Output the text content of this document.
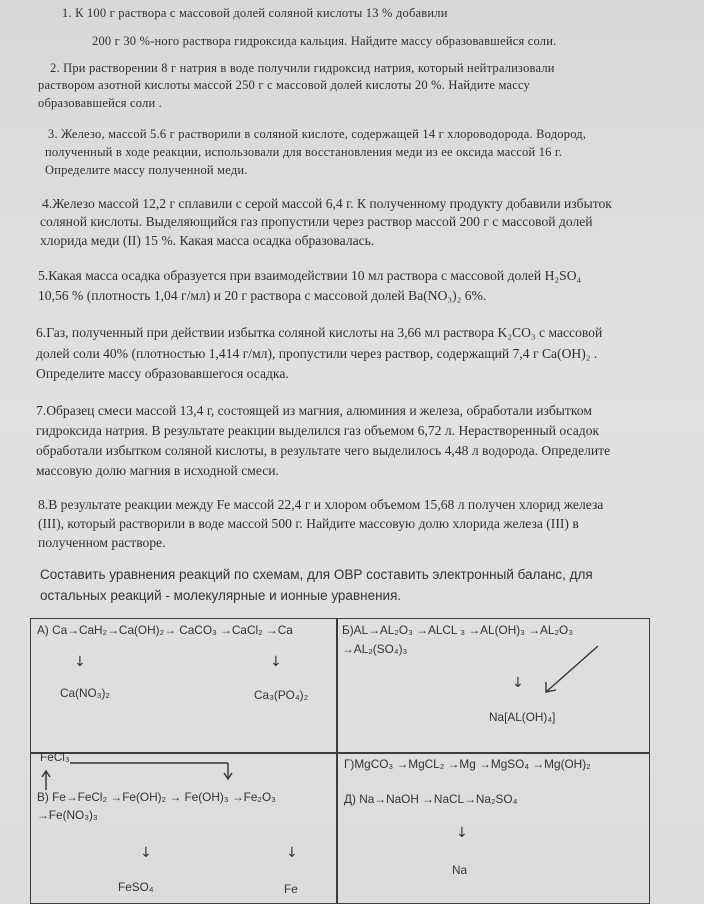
1. К 100 г раствора с массовой долей соляной кислоты 13 % добавили
200 г 30 %-ного раствора гидроксида кальция. Найдите массу образовавшейся соли.
2. При растворении 8 г натрия в воде получили гидроксид натрия, который нейтрализовали
раствором азотной кислоты массой 250 г с массовой долей кислоты 20 %. Найдите массу
образовавшейся соли .
3. Железо, массой 5.6 г растворили в соляной кислоте, содержащей 14 г хлороводорода. Водород,
полученный в ходе реакции, использовали для восстановления меди из ее оксида массой 16 г.
Определите массу полученной меди.
4.Железо массой 12,2 г сплавили с серой массой 6,4 г. К полученному продукту добавили избыток
соляной кислоты. Выделяющийся газ пропустили через раствор массой 200 г с массовой долей
хлорида меди (II) 15 %. Какая масса осадка образовалась.
5.Какая масса осадка образуется при взаимодействии 10 мл раствора с массовой долей H₂SO₄
10,56 % (плотность 1,04 г/мл) и 20 г раствора с массовой долей Ba(NO₃)₂ 6%.
6.Газ, полученный при действии избытка соляной кислоты на 3,66 мл раствора K₂CO₃ с массовой
долей соли 40% (плотностью 1,414 г/мл), пропустили через раствор, содержащий 7,4 г Ca(OH)₂ .
Определите массу образовавшегося осадка.
7.Образец смеси массой 13,4 г, состоящей из магния, алюминия и железа, обработали избытком
гидроксида натрия. В результате реакции выделился газ объемом 6,72 л. Нерастворенный осадок
обработали избытком соляной кислоты, в результате чего выделилось 4,48 л водорода. Определите
массовую долю магния в исходной смеси.
8.В результате реакции между Fe массой 22,4 г и хлором объемом 15,68 л получен хлорид железа
(III), который растворили в воде массой 500 г. Найдите массовую долю хлорида железа (III) в
полученном растворе.
Составить уравнения реакций по схемам, для ОВР составить электронный баланс, для
остальных реакций - молекулярные и ионные уравнения.
А) Ca→CaH₂→Ca(OH)₂→ CaCO₃ →CaCl₂ →Ca
↓	↓
Ca(NO₃)₂	Ca₃(PO₄)₂
Б)AL→AL₂O₃ →ALCL ₃ →AL(OH)₃ →AL₂O₃
→AL₂(SO₄)₃
↓
Na[AL(OH)₄]
FeCl₃
В) Fe→FeCl₂ →Fe(OH)₂ → Fe(OH)₃ →Fe₂O₃
→Fe(NO₃)₃
↓	↓
FeSO₄	Fe
Г)MgCO₃ →MgCL₂ →Mg →MgSO₄ →Mg(OH)₂
Д) Na→NaOH →NaCL→Na₂SO₄
↓
Na
